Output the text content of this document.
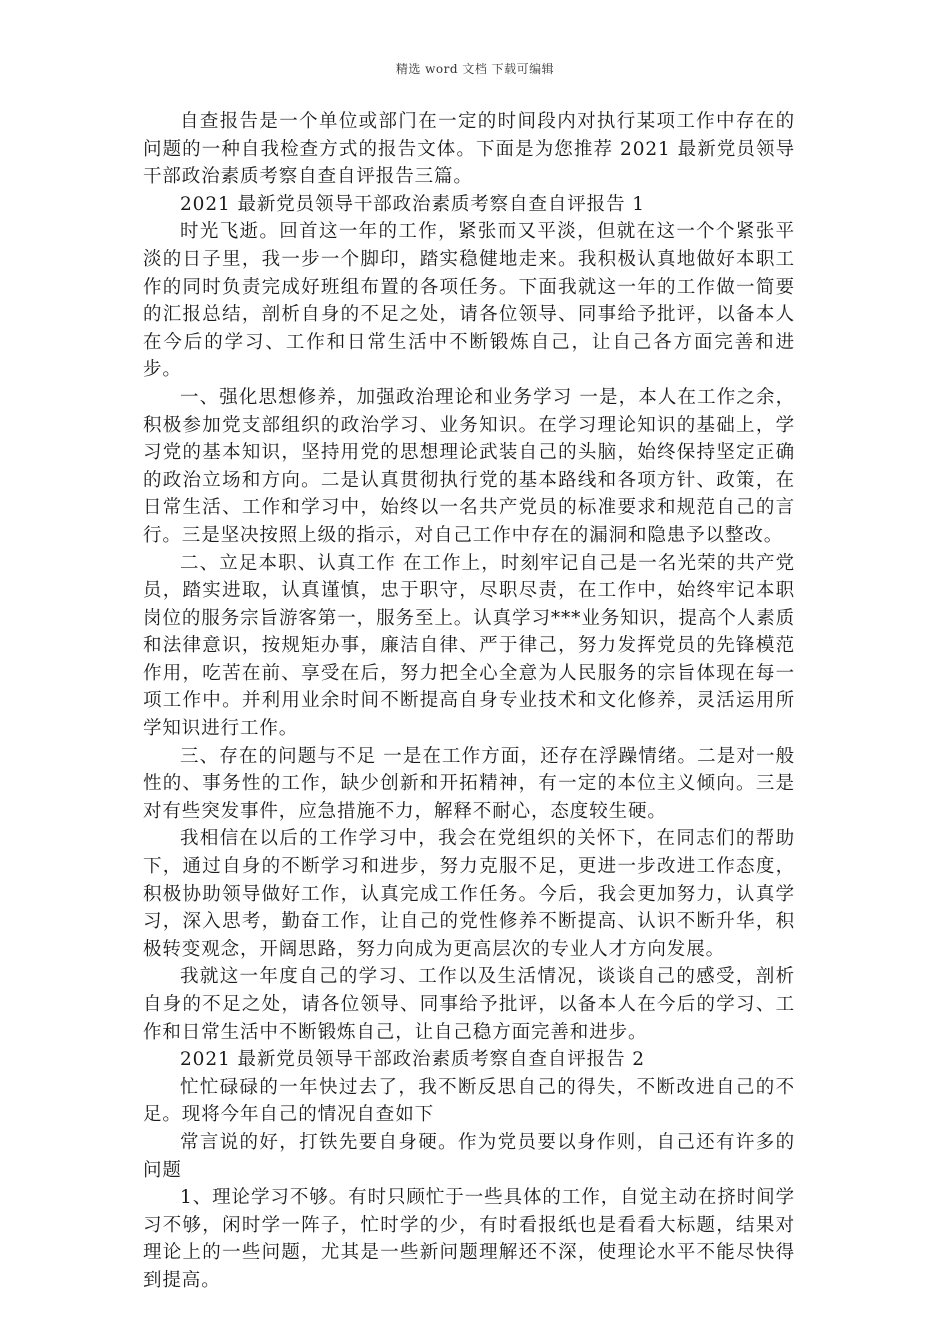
精选 word 文档 下载可编辑

自查报告是一个单位或部门在一定的时间段内对执行某项工作中存在的问题的一种自我检查方式的报告文体。下面是为您推荐 2021 最新党员领导干部政治素质考察自查自评报告三篇。

2021 最新党员领导干部政治素质考察自查自评报告 1

时光飞逝。回首这一年的工作，紧张而又平淡，但就在这一个个紧张平淡的日子里，我一步一个脚印，踏实稳健地走来。我积极认真地做好本职工作的同时负责完成好班组布置的各项任务。下面我就这一年的工作做一简要的汇报总结，剖析自身的不足之处，请各位领导、同事给予批评，以备本人在今后的学习、工作和日常生活中不断锻炼自己，让自己各方面完善和进步。

一、强化思想修养，加强政治理论和业务学习 一是，本人在工作之余，积极参加党支部组织的政治学习、业务知识。在学习理论知识的基础上，学习党的基本知识，坚持用党的思想理论武装自己的头脑，始终保持坚定正确的政治立场和方向。二是认真贯彻执行党的基本路线和各项方针、政策，在日常生活、工作和学习中，始终以一名共产党员的标准要求和规范自己的言行。三是坚决按照上级的指示，对自己工作中存在的漏洞和隐患予以整改。

二、立足本职、认真工作 在工作上，时刻牢记自己是一名光荣的共产党员，踏实进取，认真谨慎，忠于职守，尽职尽责，在工作中，始终牢记本职岗位的服务宗旨游客第一，服务至上。认真学习***业务知识，提高个人素质和法律意识，按规矩办事，廉洁自律、严于律己，努力发挥党员的先锋模范作用，吃苦在前、享受在后，努力把全心全意为人民服务的宗旨体现在每一项工作中。并利用业余时间不断提高自身专业技术和文化修养，灵活运用所学知识进行工作。

三、存在的问题与不足 一是在工作方面，还存在浮躁情绪。二是对一般性的、事务性的工作，缺少创新和开拓精神，有一定的本位主义倾向。三是对有些突发事件，应急措施不力，解释不耐心，态度较生硬。

我相信在以后的工作学习中，我会在党组织的关怀下，在同志们的帮助下，通过自身的不断学习和进步，努力克服不足，更进一步改进工作态度，积极协助领导做好工作，认真完成工作任务。今后，我会更加努力，认真学习，深入思考，勤奋工作，让自己的党性修养不断提高、认识不断升华，积极转变观念，开阔思路，努力向成为更高层次的专业人才方向发展。

我就这一年度自己的学习、工作以及生活情况，谈谈自己的感受，剖析自身的不足之处，请各位领导、同事给予批评，以备本人在今后的学习、工作和日常生活中不断锻炼自己，让自己稳方面完善和进步。

2021 最新党员领导干部政治素质考察自查自评报告 2

忙忙碌碌的一年快过去了，我不断反思自己的得失，不断改进自己的不足。现将今年自己的情况自查如下

常言说的好，打铁先要自身硬。作为党员要以身作则，自己还有许多的问题

1、理论学习不够。有时只顾忙于一些具体的工作，自觉主动在挤时间学习不够，闲时学一阵子，忙时学的少，有时看报纸也是看看大标题，结果对理论上的一些问题，尤其是一些新问题理解还不深，使理论水平不能尽快得到提高。
